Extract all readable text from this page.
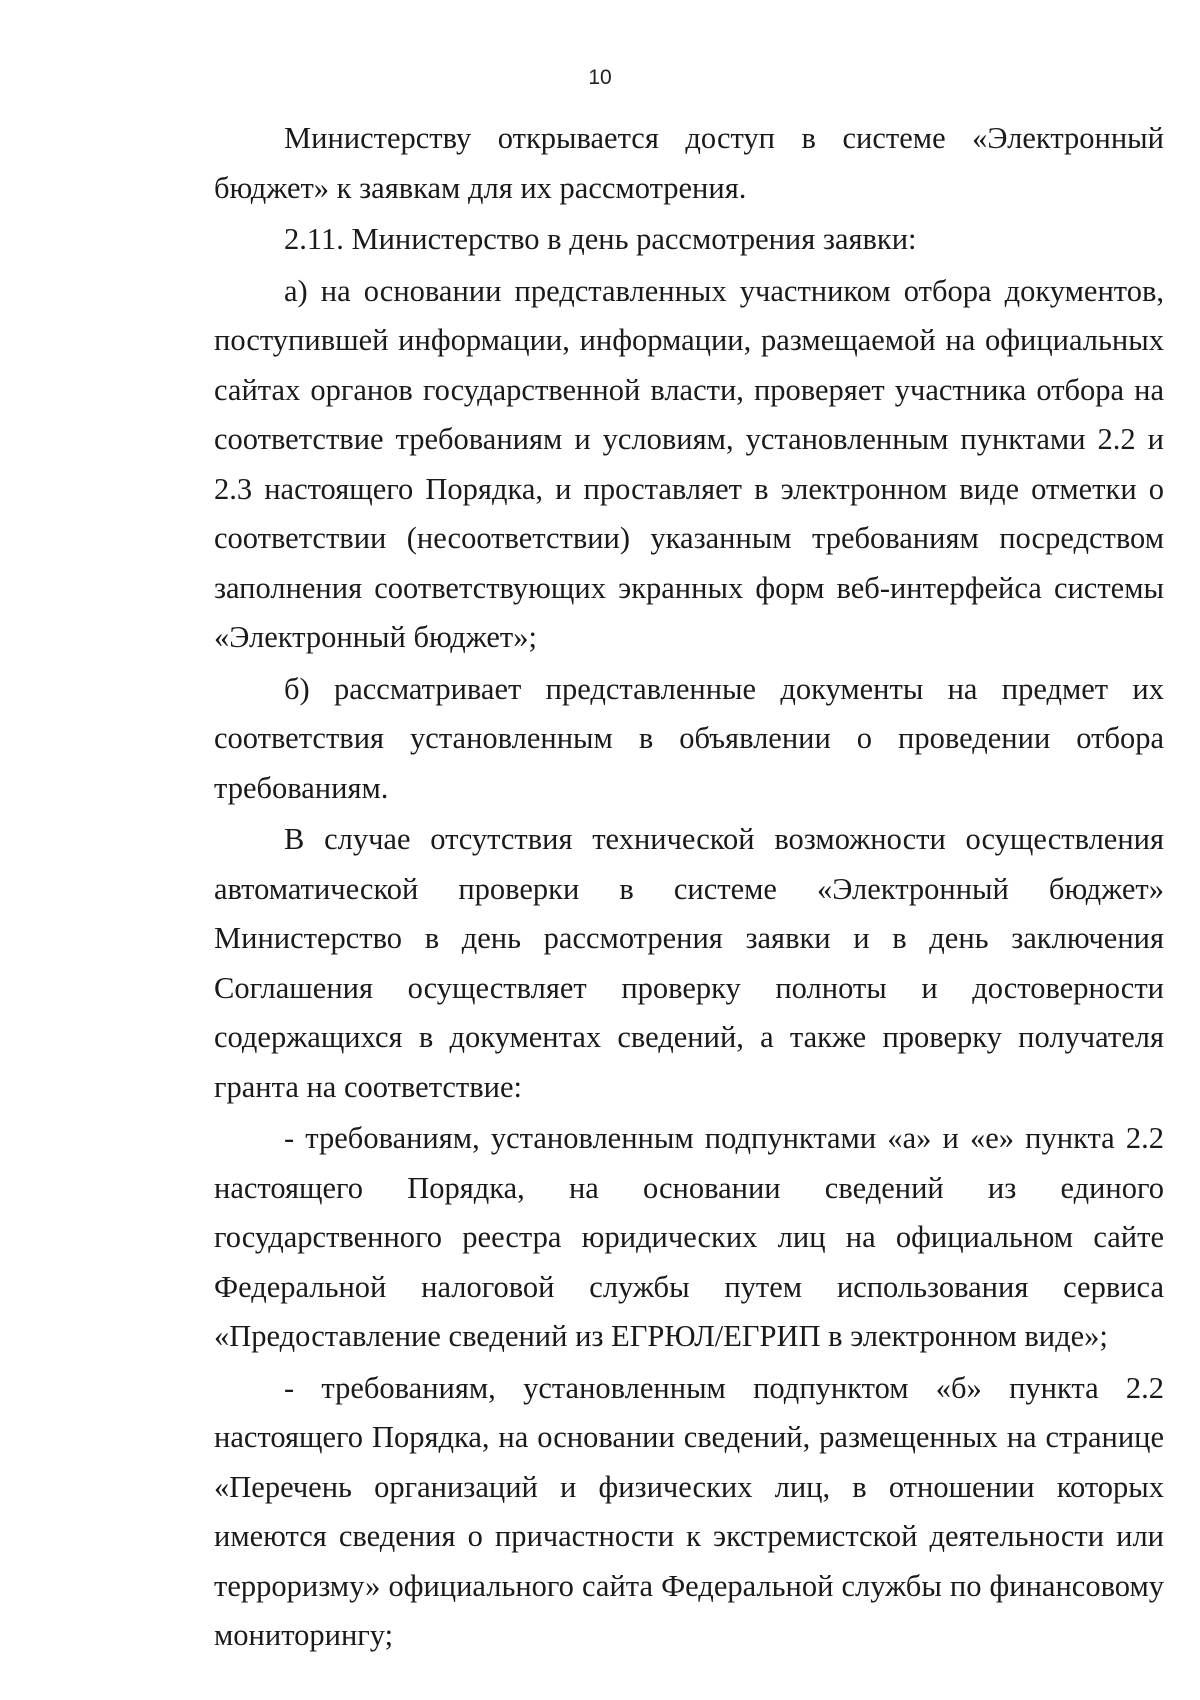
10

Министерству открывается доступ в системе «Электронный бюджет» к заявкам для их рассмотрения.

2.11. Министерство в день рассмотрения заявки:

а) на основании представленных участником отбора документов, поступившей информации, информации, размещаемой на официальных сайтах органов государственной власти, проверяет участника отбора на соответствие требованиям и условиям, установленным пунктами 2.2 и 2.3 настоящего Порядка, и проставляет в электронном виде отметки о соответствии (несоответствии) указанным требованиям посредством заполнения соответствующих экранных форм веб-интерфейса системы «Электронный бюджет»;

б) рассматривает представленные документы на предмет их соответствия установленным в объявлении о проведении отбора требованиям.

В случае отсутствия технической возможности осуществления автоматической проверки в системе «Электронный бюджет» Министерство в день рассмотрения заявки и в день заключения Соглашения осуществляет проверку полноты и достоверности содержащихся в документах сведений, а также проверку получателя гранта на соответствие:

- требованиям, установленным подпунктами «а» и «е» пункта 2.2 настоящего Порядка, на основании сведений из единого государственного реестра юридических лиц на официальном сайте Федеральной налоговой службы путем использования сервиса «Предоставление сведений из ЕГРЮЛ/ЕГРИП в электронном виде»;

- требованиям, установленным подпунктом «б» пункта 2.2 настоящего Порядка, на основании сведений, размещенных на странице «Перечень организаций и физических лиц, в отношении которых имеются сведения о причастности к экстремистской деятельности или терроризму» официального сайта Федеральной службы по финансовому мониторингу;
